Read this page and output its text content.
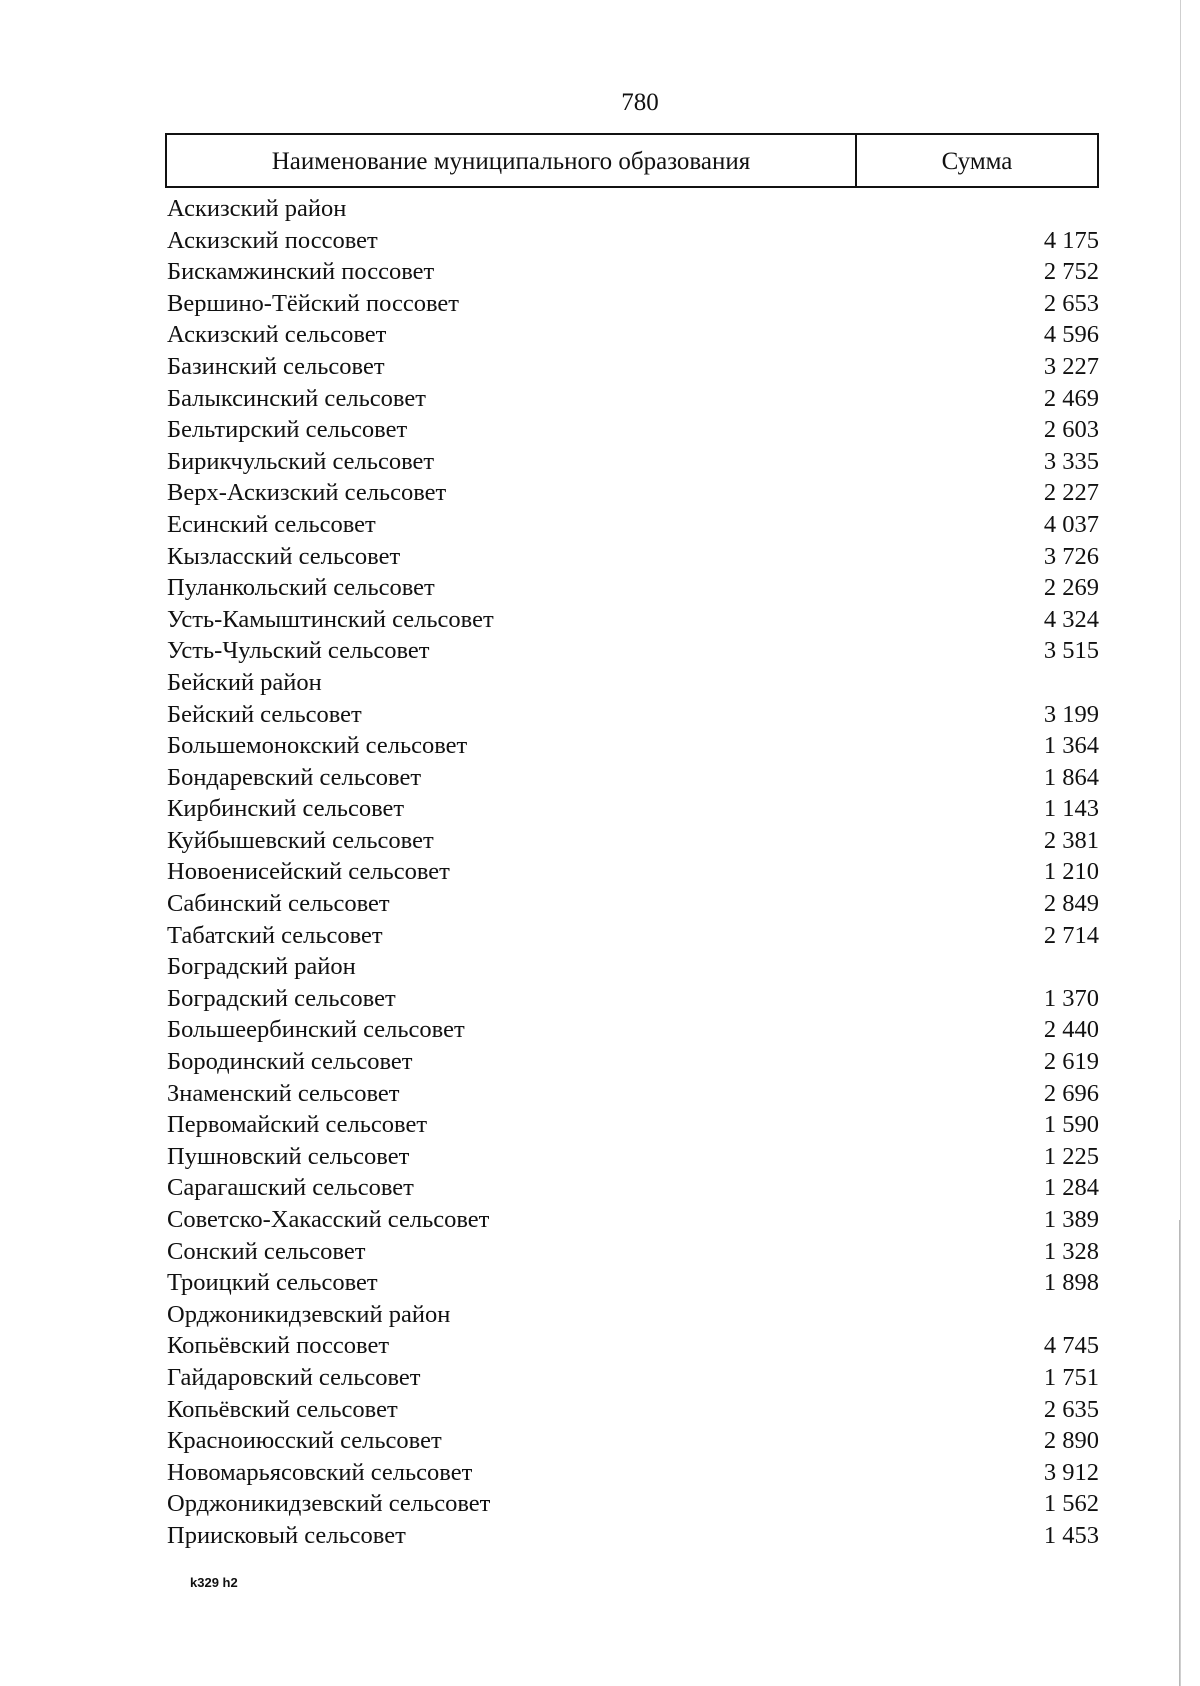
780
Наименование муниципального образования	Сумма
Аскизский район
Аскизский поссовет	4 175
Бискамжинский поссовет	2 752
Вершино-Тёйский поссовет	2 653
Аскизский сельсовет	4 596
Базинский сельсовет	3 227
Балыксинский сельсовет	2 469
Бельтирский сельсовет	2 603
Бирикчульский сельсовет	3 335
Верх-Аскизский сельсовет	2 227
Есинский сельсовет	4 037
Кызласский сельсовет	3 726
Пуланкольский сельсовет	2 269
Усть-Камыштинский сельсовет	4 324
Усть-Чульский сельсовет	3 515
Бейский район
Бейский сельсовет	3 199
Большемонокский сельсовет	1 364
Бондаревский сельсовет	1 864
Кирбинский сельсовет	1 143
Куйбышевский сельсовет	2 381
Новоенисейский сельсовет	1 210
Сабинский сельсовет	2 849
Табатский сельсовет	2 714
Боградский район
Боградский сельсовет	1 370
Большеербинский сельсовет	2 440
Бородинский сельсовет	2 619
Знаменский сельсовет	2 696
Первомайский сельсовет	1 590
Пушновский сельсовет	1 225
Сарагашский сельсовет	1 284
Советско-Хакасский сельсовет	1 389
Сонский сельсовет	1 328
Троицкий сельсовет	1 898
Орджоникидзевский район
Копьёвский поссовет	4 745
Гайдаровский сельсовет	1 751
Копьёвский сельсовет	2 635
Красноиюсский сельсовет	2 890
Новомарьясовский сельсовет	3 912
Орджоникидзевский сельсовет	1 562
Приисковый сельсовет	1 453
k329 h2
